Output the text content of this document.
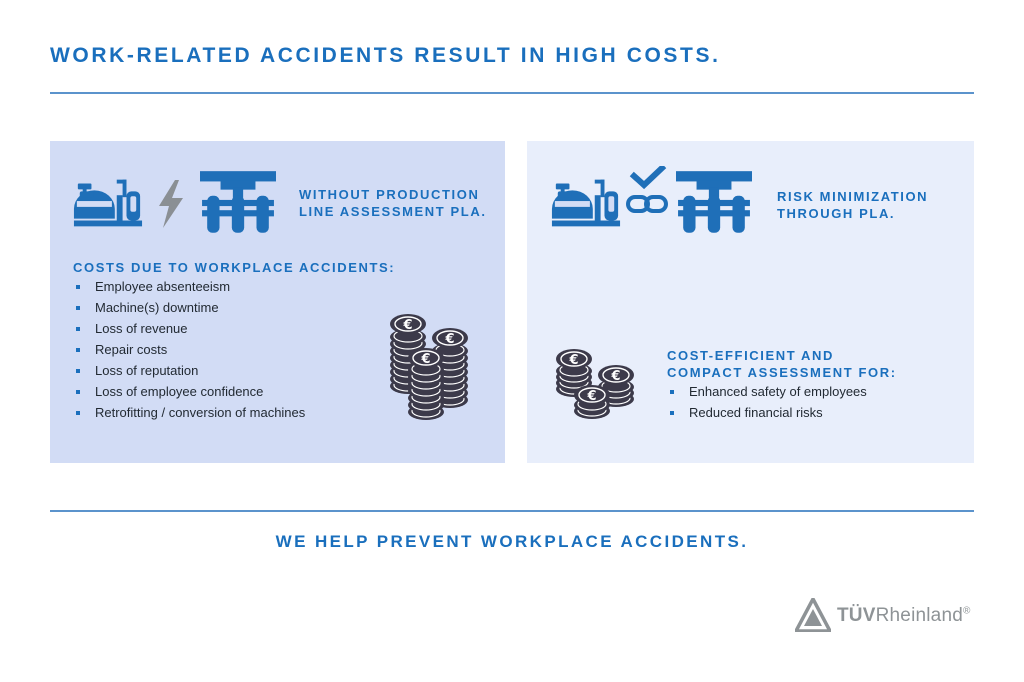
WORK-RELATED ACCIDENTS RESULT IN HIGH COSTS.
WITHOUT PRODUCTION
LINE ASSESSMENT PLA.
COSTS DUE TO WORKPLACE ACCIDENTS:
Employee absenteeism
Machine(s) downtime
Loss of revenue
Repair costs
Loss of reputation
Loss of employee confidence
Retrofitting / conversion of machines
RISK MINIMIZATION
THROUGH PLA.
COST-EFFICIENT AND
COMPACT ASSESSMENT FOR:
Enhanced safety of employees
Reduced financial risks
WE HELP PREVENT WORKPLACE ACCIDENTS.
TÜVRheinland®
